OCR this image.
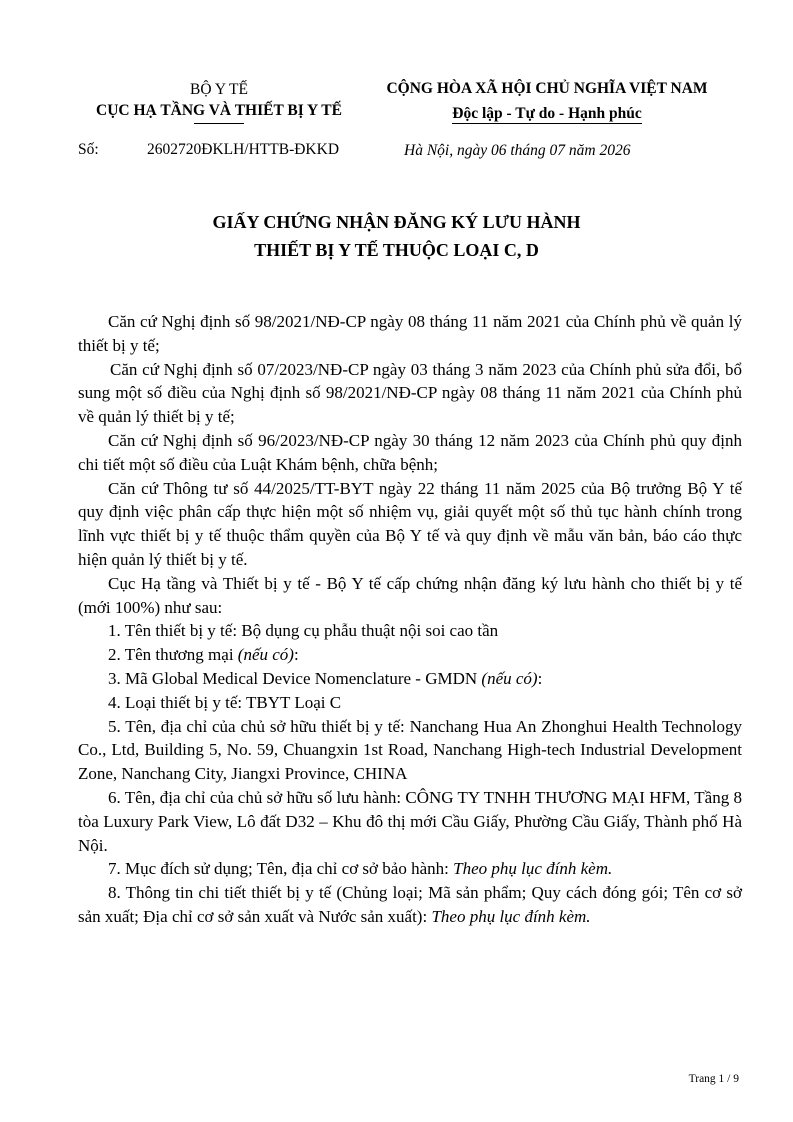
BỘ Y TẾ
CỤC HẠ TẦNG VÀ THIẾT BỊ Y TẾ
CỘNG HÒA XÃ HỘI CHỦ NGHĨA VIỆT NAM
Độc lập - Tự do - Hạnh phúc
Số:	2602720ĐKLH/HTTB-ĐKKD	Hà Nội, ngày 06 tháng 07 năm 2026
GIẤY CHỨNG NHẬN ĐĂNG KÝ LƯU HÀNH
THIẾT BỊ Y TẾ THUỘC LOẠI C, D

Căn cứ Nghị định số 98/2021/NĐ-CP ngày 08 tháng 11 năm 2021 của Chính phủ về quản lý thiết bị y tế;

Căn cứ Nghị định số 07/2023/NĐ-CP ngày 03 tháng 3 năm 2023 của Chính phủ sửa đổi, bổ sung một số điều của Nghị định số 98/2021/NĐ-CP ngày 08 tháng 11 năm 2021 của Chính phủ về quản lý thiết bị y tế;

Căn cứ Nghị định số 96/2023/NĐ-CP ngày 30 tháng 12 năm 2023 của Chính phủ quy định chi tiết một số điều của Luật Khám bệnh, chữa bệnh;

Căn cứ Thông tư số 44/2025/TT-BYT ngày 22 tháng 11 năm 2025 của Bộ trưởng Bộ Y tế quy định việc phân cấp thực hiện một số nhiệm vụ, giải quyết một số thủ tục hành chính trong lĩnh vực thiết bị y tế thuộc thẩm quyền của Bộ Y tế và quy định về mẫu văn bản, báo cáo thực hiện quản lý thiết bị y tế.

Cục Hạ tầng và Thiết bị y tế - Bộ Y tế cấp chứng nhận đăng ký lưu hành cho thiết bị y tế (mới 100%) như sau:

1. Tên thiết bị y tế: Bộ dụng cụ phẫu thuật nội soi cao tần

2. Tên thương mại (nếu có):

3. Mã Global Medical Device Nomenclature - GMDN (nếu có):

4. Loại thiết bị y tế: TBYT Loại C

5. Tên, địa chỉ của chủ sở hữu thiết bị y tế: Nanchang Hua An Zhonghui Health Technology Co., Ltd, Building 5, No. 59, Chuangxin 1st Road, Nanchang High-tech Industrial Development Zone, Nanchang City, Jiangxi Province, CHINA

6. Tên, địa chỉ của chủ sở hữu số lưu hành: CÔNG TY TNHH THƯƠNG MẠI HFM, Tầng 8 tòa Luxury Park View, Lô đất D32 – Khu đô thị mới Cầu Giấy, Phường Cầu Giấy, Thành phố Hà Nội.

7. Mục đích sử dụng; Tên, địa chỉ cơ sở bảo hành: Theo phụ lục đính kèm.

8. Thông tin chi tiết thiết bị y tế (Chủng loại; Mã sản phẩm; Quy cách đóng gói; Tên cơ sở sản xuất; Địa chỉ cơ sở sản xuất và Nước sản xuất): Theo phụ lục đính kèm.

Trang 1 / 9
